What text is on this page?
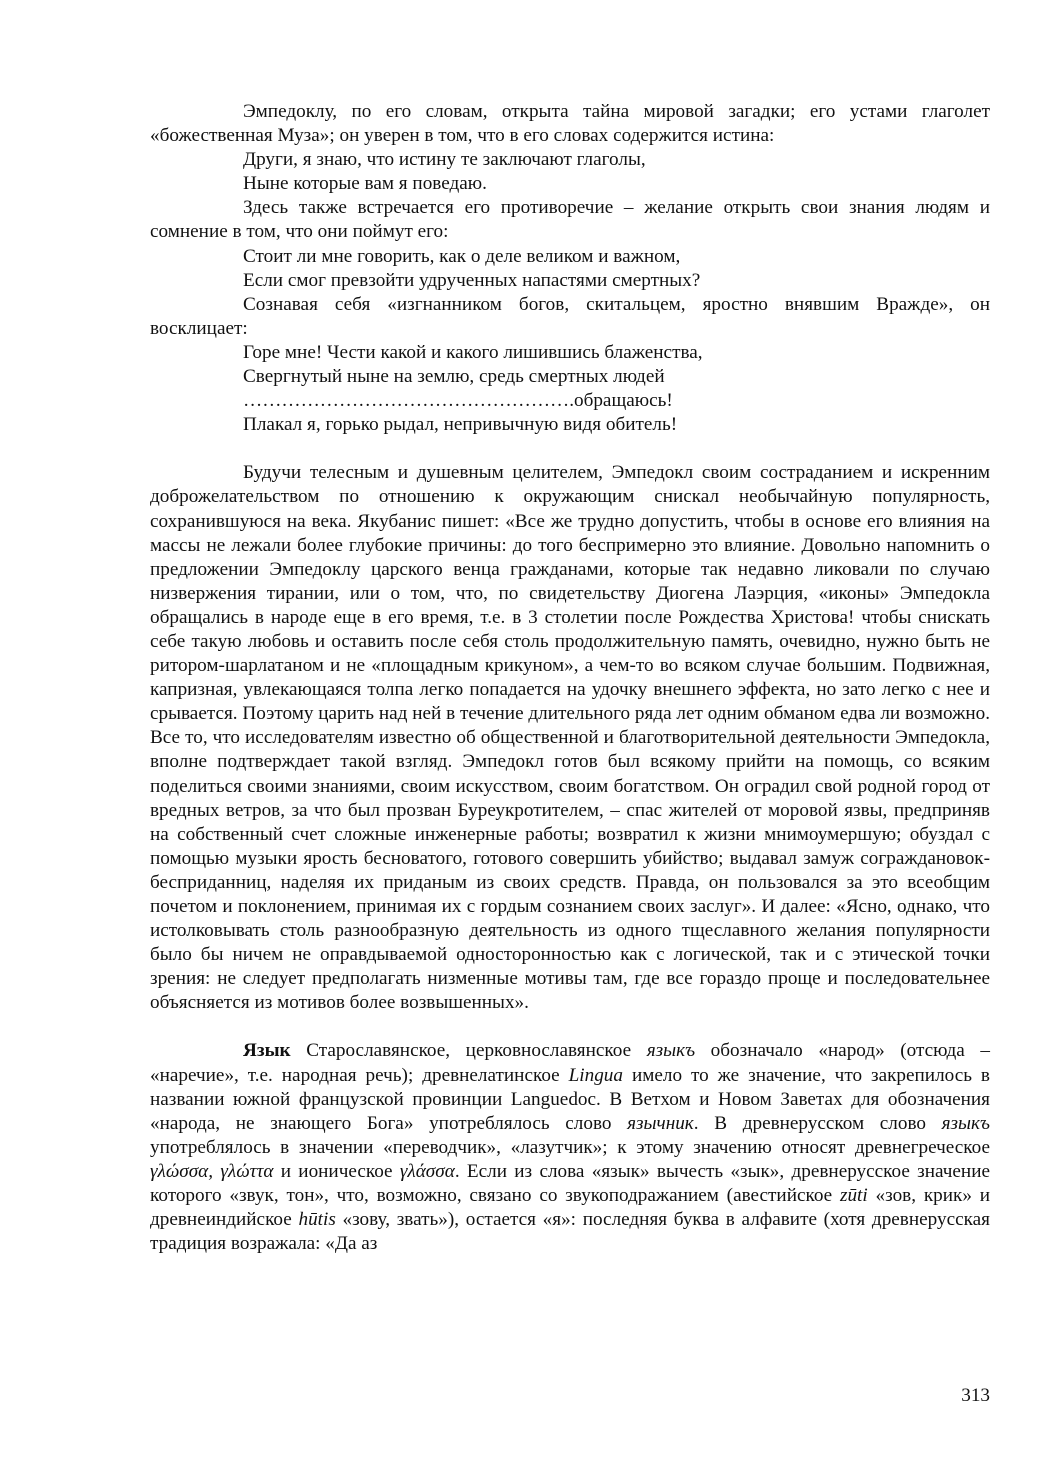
Эмпедоклу, по его словам, открыта тайна мировой загадки; его устами глаголет «божественная Муза»; он уверен в том, что в его словах содержится истина:

Други, я знаю, что истину те заключают глаголы,

Ныне которые вам я поведаю.

Здесь также встречается его противоречие – желание открыть свои знания людям и сомнение в том, что они поймут его:

Стоит ли мне говорить, как о деле великом и важном,

Если смог превзойти удрученных напастями смертных?

Сознавая себя «изгнанником богов, скитальцем, яростно внявшим Вражде», он восклицает:

Горе мне! Чести какой и какого лишившись блаженства,

Свергнутый ныне на землю, средь смертных людей

…………………………………………….обращаюсь!

Плакал я, горько рыдал, непривычную видя обитель!

Будучи телесным и душевным целителем, Эмпедокл своим состраданием и искренним доброжелательством по отношению к окружающим снискал необычайную популярность, сохранившуюся на века. Якубанис пишет: «Все же трудно допустить, чтобы в основе его влияния на массы не лежали более глубокие причины: до того беспримерно это влияние. Довольно напомнить о предложении Эмпедоклу царского венца гражданами, которые так недавно ликовали по случаю низвержения тирании, или о том, что, по свидетельству Диогена Лаэрция, «иконы» Эмпедокла обращались в народе еще в его время, т.е. в 3 столетии после Рождества Христова! чтобы снискать себе такую любовь и оставить после себя столь продолжительную память, очевидно, нужно быть не ритором-шарлатаном и не «площадным крикуном», а чем-то во всяком случае большим. Подвижная, капризная, увлекающаяся толпа легко попадается на удочку внешнего эффекта, но зато легко с нее и срывается. Поэтому царить над ней в течение длительного ряда лет одним обманом едва ли возможно. Все то, что исследователям известно об общественной и благотворительной деятельности Эмпедокла, вполне подтверждает такой взгляд. Эмпедокл готов был всякому прийти на помощь, со всяким поделиться своими знаниями, своим искусством, своим богатством. Он оградил свой родной город от вредных ветров, за что был прозван Буреукротителем, – спас жителей от моровой язвы, предприняв на собственный счет сложные инженерные работы; возвратил к жизни мнимоумершую; обуздал с помощью музыки ярость бесноватого, готового совершить убийство; выдавал замуж сограждановок-бесприданниц, наделяя их приданым из своих средств. Правда, он пользовался за это всеобщим почетом и поклонением, принимая их с гордым сознанием своих заслуг». И далее: «Ясно, однако, что истолковывать столь разнообразную деятельность из одного тщеславного желания популярности было бы ничем не оправдываемой односторонностью как с логической, так и с этической точки зрения: не следует предполагать низменные мотивы там, где все гораздо проще и последовательнее объясняется из мотивов более возвышенных».

Язык Старославянское, церковнославянское языкъ обозначало «народ» (отсюда – «наречие», т.е. народная речь); древнелатинское Lingua имело то же значение, что закрепилось в названии южной французской провинции Languedoc. В Ветхом и Новом Заветах для обозначения «народа, не знающего Бога» употреблялось слово язычник. В древнерусском слово языкъ употреблялось в значении «переводчик», «лазутчик»; к этому значению относят древнегреческое γλώσσα, γλώττα и ионическое γλάσσα. Если из слова «язык» вычесть «зык», древнерусское значение которого «звук, тон», что, возможно, связано со звукоподражанием (авестийское zūti «зов, крик» и древнеиндийское hūtis «зову, звать»), остается «я»: последняя буква в алфавите (хотя древнерусская традиция возражала: «Да аз

313
